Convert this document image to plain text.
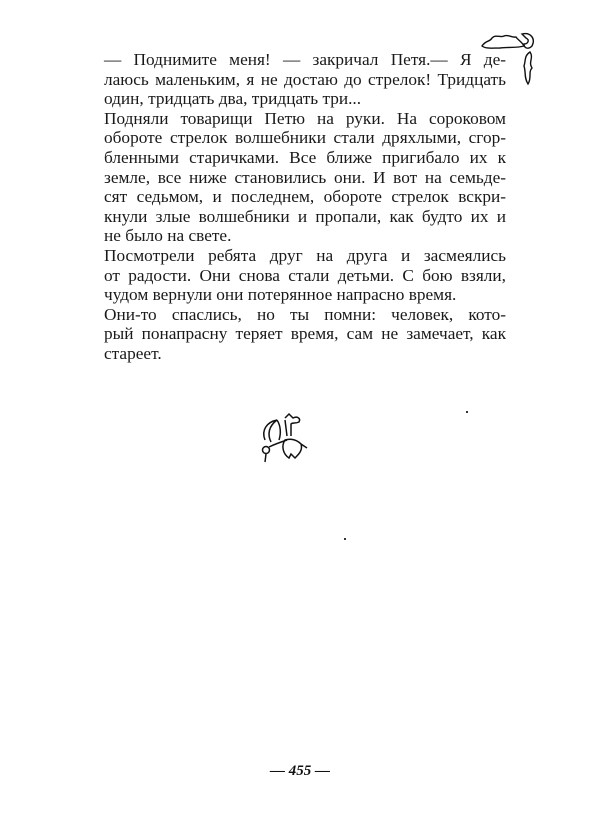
— Поднимите меня! — закричал Петя.— Я де-
лаюсь маленьким, я не достаю до стрелок! Тридцать
один, тридцать два, тридцать три...

Подняли товарищи Петю на руки. На сороковом
обороте стрелок волшебники стали дряхлыми, сгор-
бленными старичками. Все ближе пригибало их к
земле, все ниже становились они. И вот на семьде-
сят седьмом, и последнем, обороте стрелок вскри-
кнули злые волшебники и пропали, как будто их и
не было на свете.

Посмотрели ребята друг на друга и засмеялись
от радости. Они снова стали детьми. С бою взяли,
чудом вернули они потерянное напрасно время.

Они-то спаслись, но ты помни: человек, кото-
рый понапрасну теряет время, сам не замечает, как
стареет.

— 455 —
